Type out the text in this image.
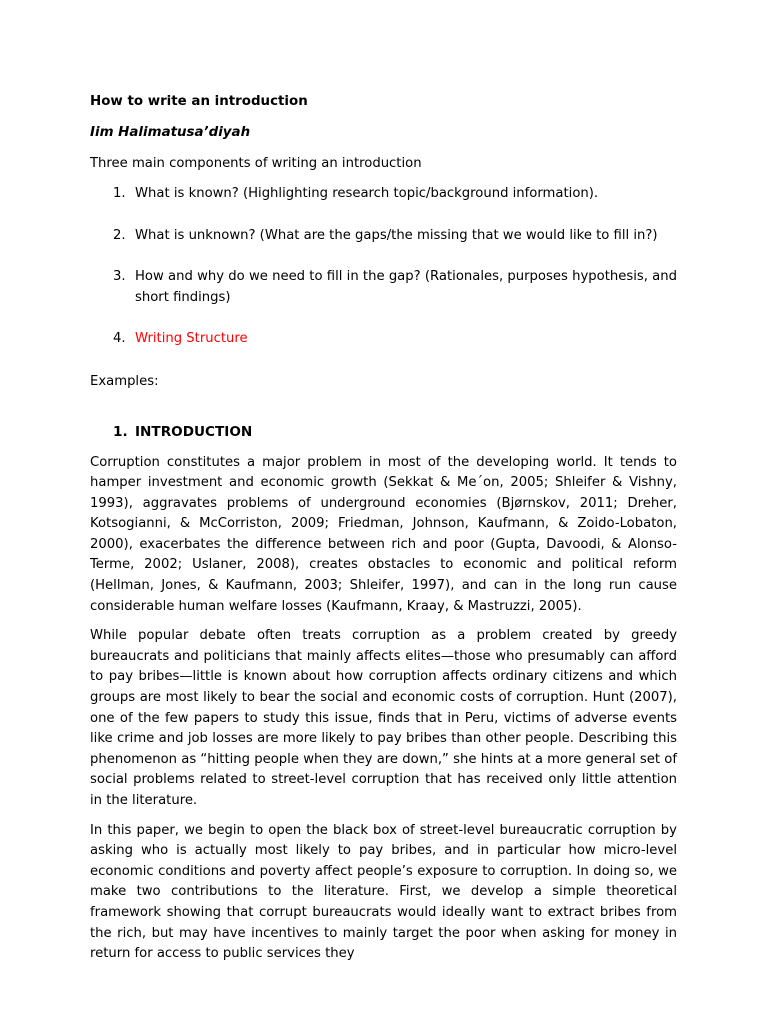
How to write an introduction
Iim Halimatusa’diyah
Three main components of writing an introduction
1. What is known? (Highlighting research topic/background information).
2. What is unknown? (What are the gaps/the missing that we would like to fill in?)
3. How and why do we need to fill in the gap? (Rationales, purposes hypothesis, and short findings)
4. Writing Structure
Examples:
1. INTRODUCTION

Corruption constitutes a major problem in most of the developing world. It tends to hamper investment and economic growth (Sekkat & Me´on, 2005; Shleifer & Vishny, 1993), aggravates problems of underground economies (Bjørnskov, 2011; Dreher, Kotsogianni, & McCorriston, 2009; Friedman, Johnson, Kaufmann, & Zoido-Lobaton, 2000), exacerbates the difference between rich and poor (Gupta, Davoodi, & Alonso-Terme, 2002; Uslaner, 2008), creates obstacles to economic and political reform (Hellman, Jones, & Kaufmann, 2003; Shleifer, 1997), and can in the long run cause considerable human welfare losses (Kaufmann, Kraay, & Mastruzzi, 2005).

While popular debate often treats corruption as a problem created by greedy bureaucrats and politicians that mainly affects elites—those who presumably can afford to pay bribes—little is known about how corruption affects ordinary citizens and which groups are most likely to bear the social and economic costs of corruption. Hunt (2007), one of the few papers to study this issue, finds that in Peru, victims of adverse events like crime and job losses are more likely to pay bribes than other people. Describing this phenomenon as “hitting people when they are down,” she hints at a more general set of social problems related to street-level corruption that has received only little attention in the literature.

In this paper, we begin to open the black box of street-level bureaucratic corruption by asking who is actually most likely to pay bribes, and in particular how micro-level economic conditions and poverty affect people’s exposure to corruption. In doing so, we make two contributions to the literature. First, we develop a simple theoretical framework showing that corrupt bureaucrats would ideally want to extract bribes from the rich, but may have incentives to mainly target the poor when asking for money in return for access to public services they
